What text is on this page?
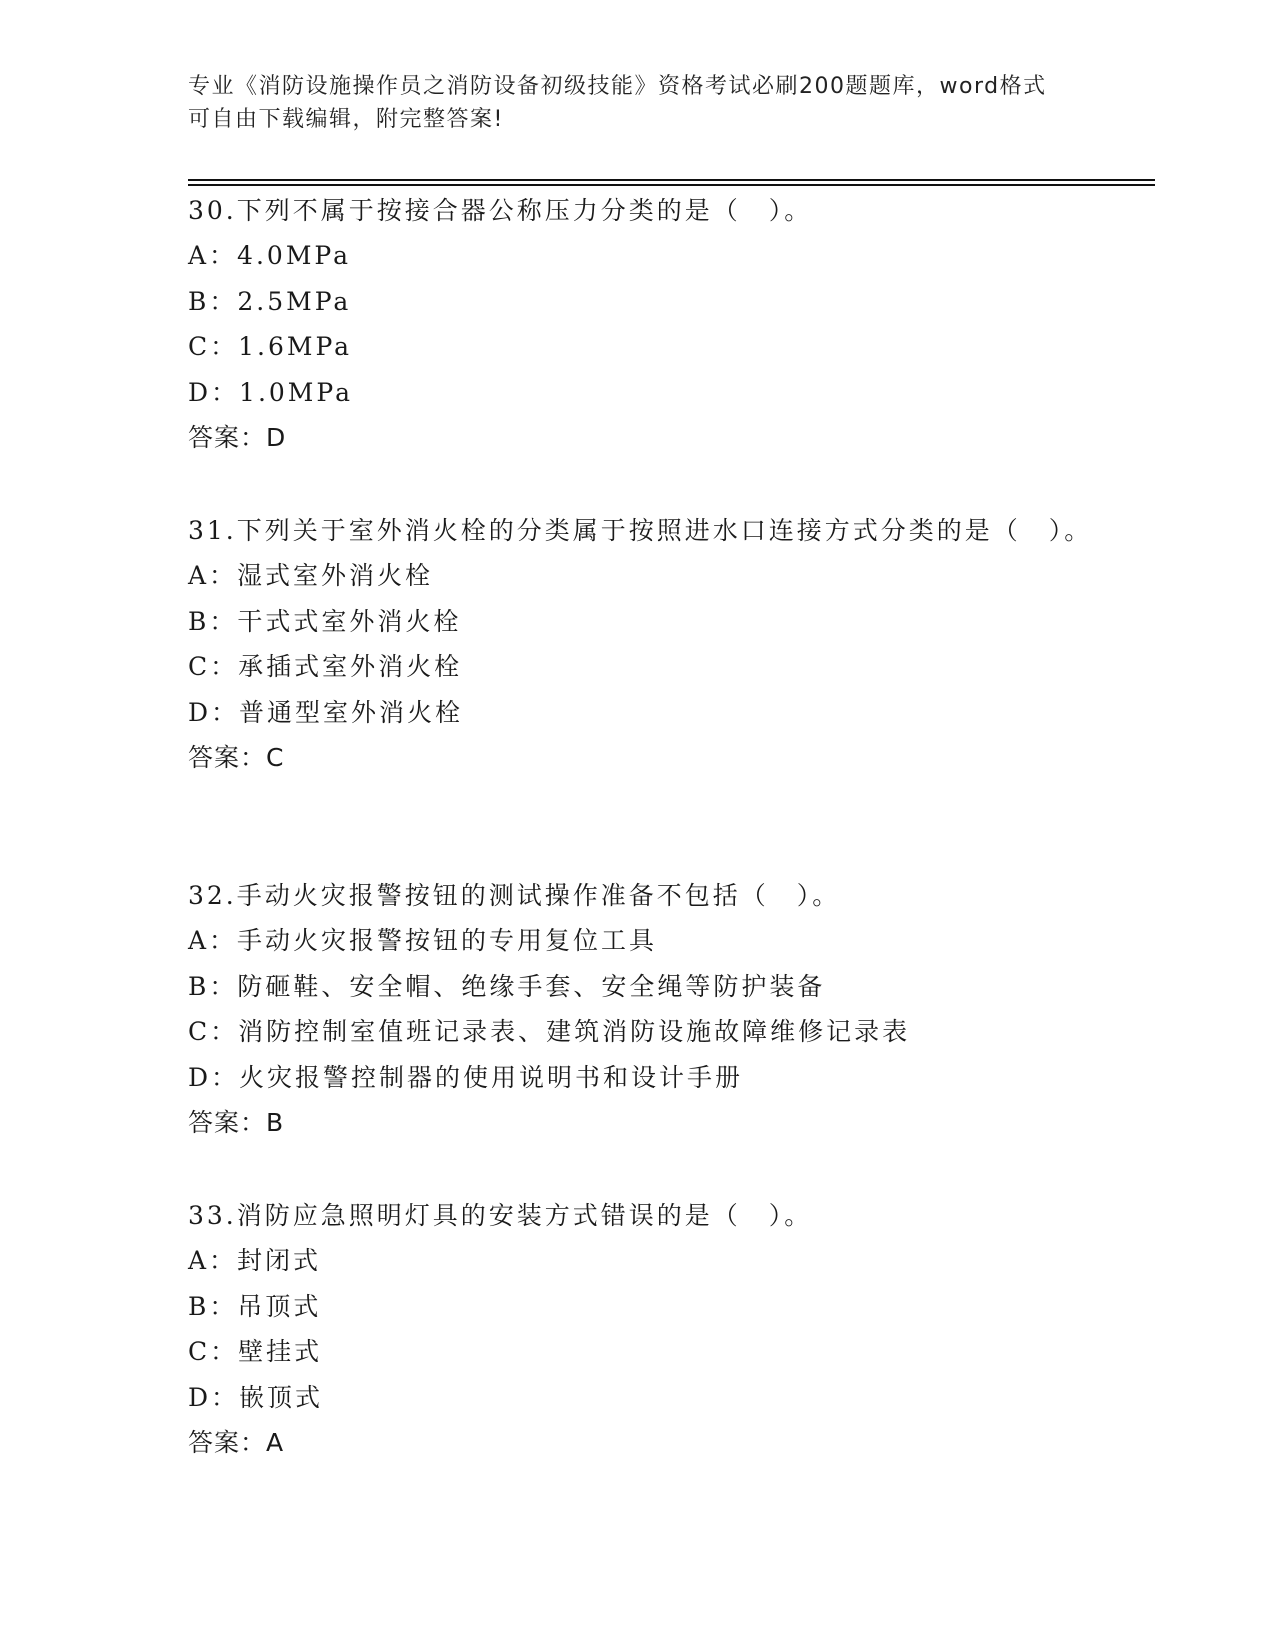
专业《消防设施操作员之消防设备初级技能》资格考试必刷200题题库，word格式可自由下载编辑，附完整答案!
30.下列不属于按接合器公称压力分类的是（　）。
A：4.0MPa
B：2.5MPa
C：1.6MPa
D：1.0MPa
答案：D
31.下列关于室外消火栓的分类属于按照进水口连接方式分类的是（　）。
A：湿式室外消火栓
B：干式式室外消火栓
C：承插式室外消火栓
D：普通型室外消火栓
答案：C
32.手动火灾报警按钮的测试操作准备不包括（　）。
A：手动火灾报警按钮的专用复位工具
B：防砸鞋、安全帽、绝缘手套、安全绳等防护装备
C：消防控制室值班记录表、建筑消防设施故障维修记录表
D：火灾报警控制器的使用说明书和设计手册
答案：B
33.消防应急照明灯具的安装方式错误的是（　）。
A：封闭式
B：吊顶式
C：壁挂式
D：嵌顶式
答案：A
